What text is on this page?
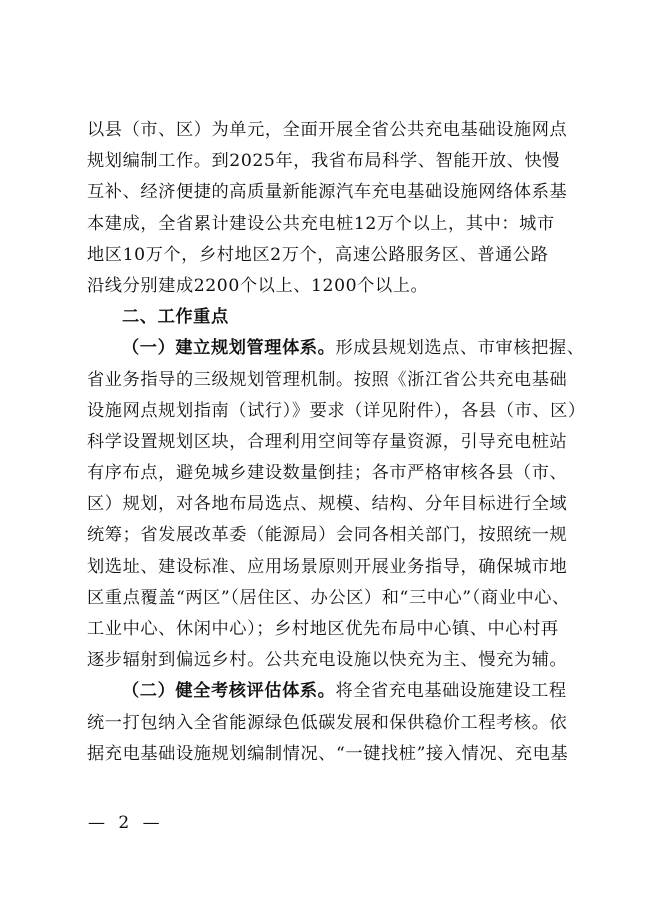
以县（市、区）为单元，全面开展全省公共充电基础设施网点
规划编制工作。到2025年，我省布局科学、智能开放、快慢
互补、经济便捷的高质量新能源汽车充电基础设施网络体系基
本建成，全省累计建设公共充电桩12万个以上，其中：城市
地区10万个，乡村地区2万个，高速公路服务区、普通公路
沿线分别建成2200个以上、1200个以上。
二、工作重点
（一）建立规划管理体系。形成县规划选点、市审核把握、
省业务指导的三级规划管理机制。按照《浙江省公共充电基础
设施网点规划指南（试行）》要求（详见附件），各县（市、区）
科学设置规划区块，合理利用空间等存量资源，引导充电桩站
有序布点，避免城乡建设数量倒挂；各市严格审核各县（市、
区）规划，对各地布局选点、规模、结构、分年目标进行全域
统筹；省发展改革委（能源局）会同各相关部门，按照统一规
划选址、建设标准、应用场景原则开展业务指导，确保城市地
区重点覆盖“两区”（居住区、办公区）和“三中心”（商业中心、
工业中心、休闲中心）；乡村地区优先布局中心镇、中心村再
逐步辐射到偏远乡村。公共充电设施以快充为主、慢充为辅。
（二）健全考核评估体系。将全省充电基础设施建设工程
统一打包纳入全省能源绿色低碳发展和保供稳价工程考核。依
据充电基础设施规划编制情况、“一键找桩”接入情况、充电基
— 2 —
